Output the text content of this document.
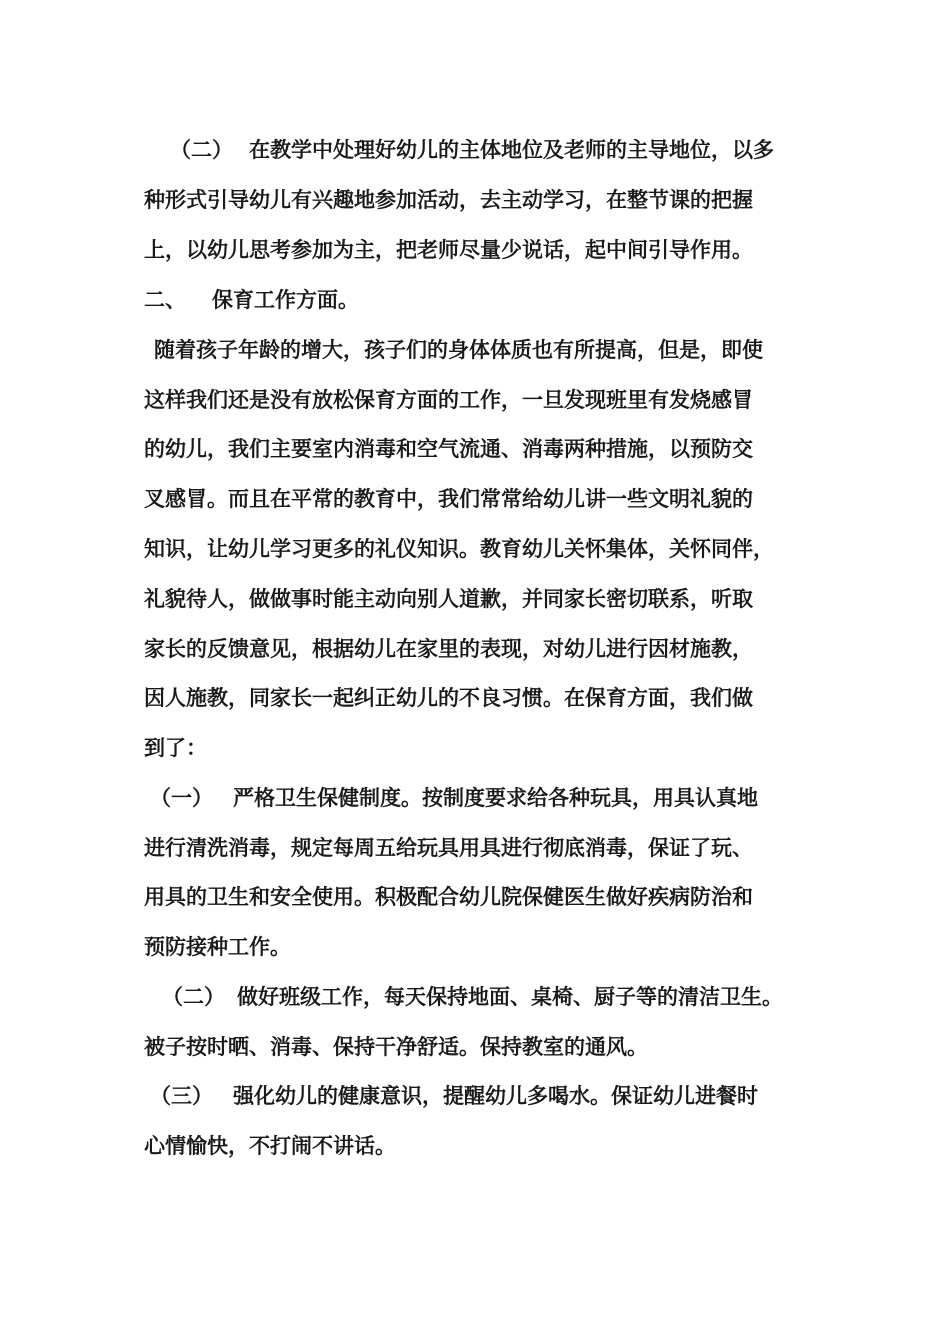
（二） 在教学中处理好幼儿的主体地位及老师的主导地位，以多
种形式引导幼儿有兴趣地参加活动，去主动学习，在整节课的把握
上，以幼儿思考参加为主，把老师尽量少说话，起中间引导作用。
二、 保育工作方面。
随着孩子年龄的增大，孩子们的身体体质也有所提高，但是，即使
这样我们还是没有放松保育方面的工作，一旦发现班里有发烧感冒
的幼儿，我们主要室内消毒和空气流通、消毒两种措施，以预防交
叉感冒。而且在平常的教育中，我们常常给幼儿讲一些文明礼貌的
知识，让幼儿学习更多的礼仪知识。教育幼儿关怀集体，关怀同伴，
礼貌待人，做做事时能主动向别人道歉，并同家长密切联系，听取
家长的反馈意见，根据幼儿在家里的表现，对幼儿进行因材施教，
因人施教，同家长一起纠正幼儿的不良习惯。在保育方面，我们做
到了：
（一） 严格卫生保健制度。按制度要求给各种玩具，用具认真地
进行清洗消毒，规定每周五给玩具用具进行彻底消毒，保证了玩、
用具的卫生和安全使用。积极配合幼儿院保健医生做好疾病防治和
预防接种工作。
（二） 做好班级工作，每天保持地面、桌椅、厨子等的清洁卫生。
被子按时晒、消毒、保持干净舒适。保持教室的通风。
（三） 强化幼儿的健康意识，提醒幼儿多喝水。保证幼儿进餐时
心情愉快，不打闹不讲话。
